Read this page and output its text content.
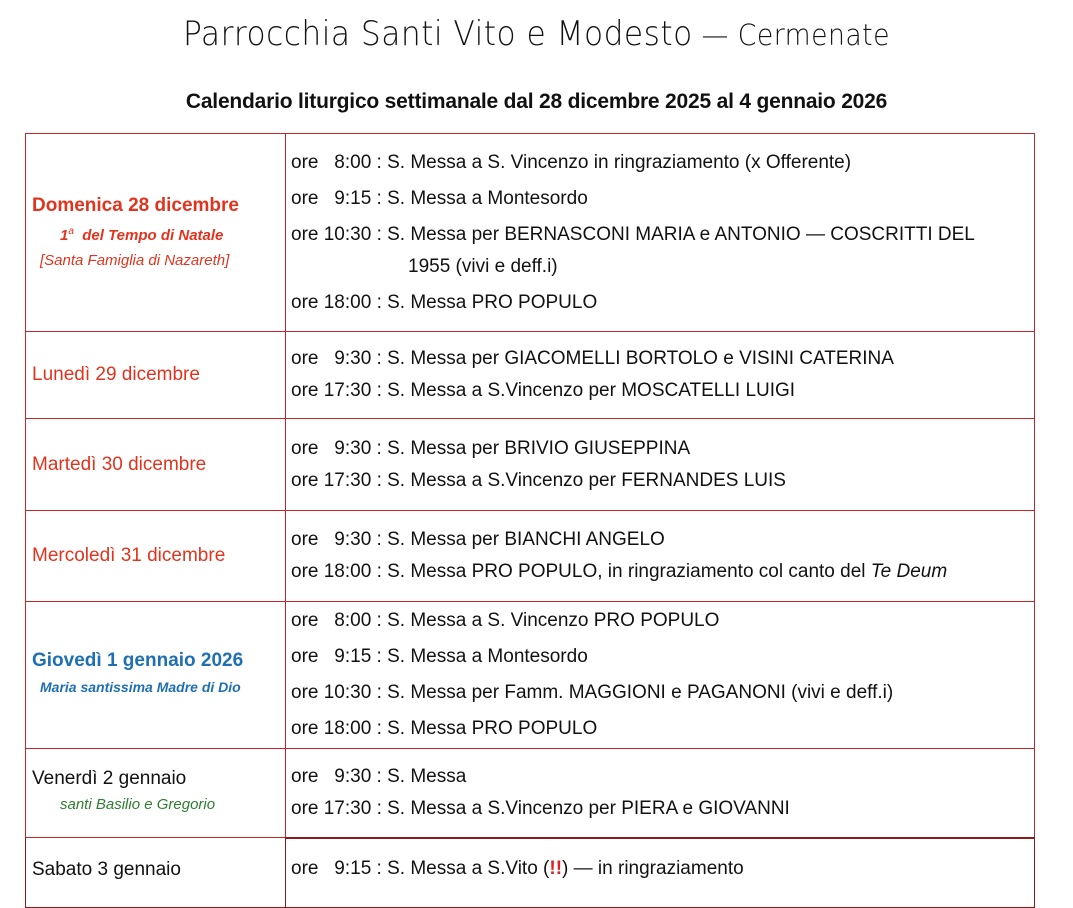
Parrocchia Santi Vito e Modesto — Cermenate
Calendario liturgico settimanale dal 28 dicembre 2025 al 4 gennaio 2026
Domenica 28 dicembre
1$^a$  del Tempo di Natale
[Santa Famiglia di Nazareth]

ore   8:00 : S. Messa a S. Vincenzo in ringraziamento (x Offerente)
ore   9:15 : S. Messa a Montesordo
ore 10:30 : S. Messa per BERNASCONI MARIA e ANTONIO — COSCRITTI DEL
1955 (vivi e deff.i)
ore 18:00 : S. Messa PRO POPULO

Lunedì 29 dicembre	ore   9:30 : S. Messa per GIACOMELLI BORTOLO e VISINI CATERINA
ore 17:30 : S. Messa a S.Vincenzo per MOSCATELLI LUIGI

Martedì 30 dicembre	ore   9:30 : S. Messa per BRIVIO GIUSEPPINA
ore 17:30 : S. Messa a S.Vincenzo per FERNANDES LUIS

Mercoledì 31 dicembre	ore   9:30 : S. Messa per BIANCHI ANGELO
ore 18:00 : S. Messa PRO POPULO, in ringraziamento col canto del Te Deum

Giovedì 1 gennaio 2026
Maria santissima Madre di Dio

ore   8:00 : S. Messa a S. Vincenzo PRO POPULO
ore   9:15 : S. Messa a Montesordo
ore 10:30 : S. Messa per Famm. MAGGIONI e PAGANONI (vivi e deff.i)
ore 18:00 : S. Messa PRO POPULO

Venerdì 2 gennaio
santi Basilio e Gregorio

ore   9:30 : S. Messa
ore 17:30 : S. Messa a S.Vincenzo per PIERA e GIOVANNI

Sabato 3 gennaio	ore   9:15 : S. Messa a S.Vito (!!) — in ringraziamento
